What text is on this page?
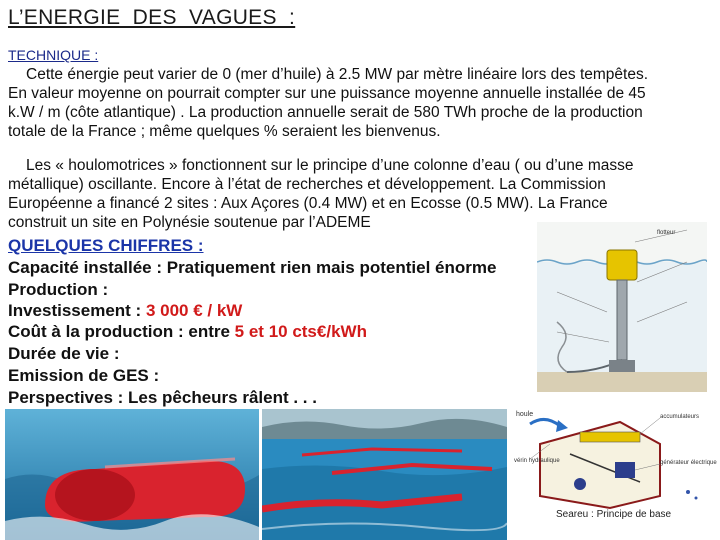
L’ENERGIE  DES  VAGUES  :
TECHNIQUE :

Cette énergie peut varier de 0 (mer d’huile) à 2.5 MW par mètre linéaire lors des tempêtes.
En valeur moyenne on pourrait compter sur une puissance moyenne annuelle installée de 45
k.W / m (côte atlantique) . La production annuelle serait de 580 TWh proche de la production
totale de la France ; même quelques % seraient les bienvenus.

Les « houlomotrices » fonctionnent sur le principe d’une colonne d’eau ( ou d’une masse
métallique) oscillante. Encore à l’état de recherches et développement. La Commission
Européenne a financé 2 sites : Aux Açores (0.4 MW) et en Ecosse (0.5 MW). La France
construit un site en Polynésie soutenue par l’ADEME

QUELQUES CHIFFRES :
Capacité installée : Pratiquement rien mais potentiel énorme
Production :
Investissement : 3 000 € / kW
Coût à la production : entre 5 et 10 cts€/kWh
Durée de vie :
Emission de GES :
Perspectives : Les pêcheurs râlent . . .
flotteur
houle
vérin hydraulique
accumulateurs
générateur électrique
Seareu : Principe de base
